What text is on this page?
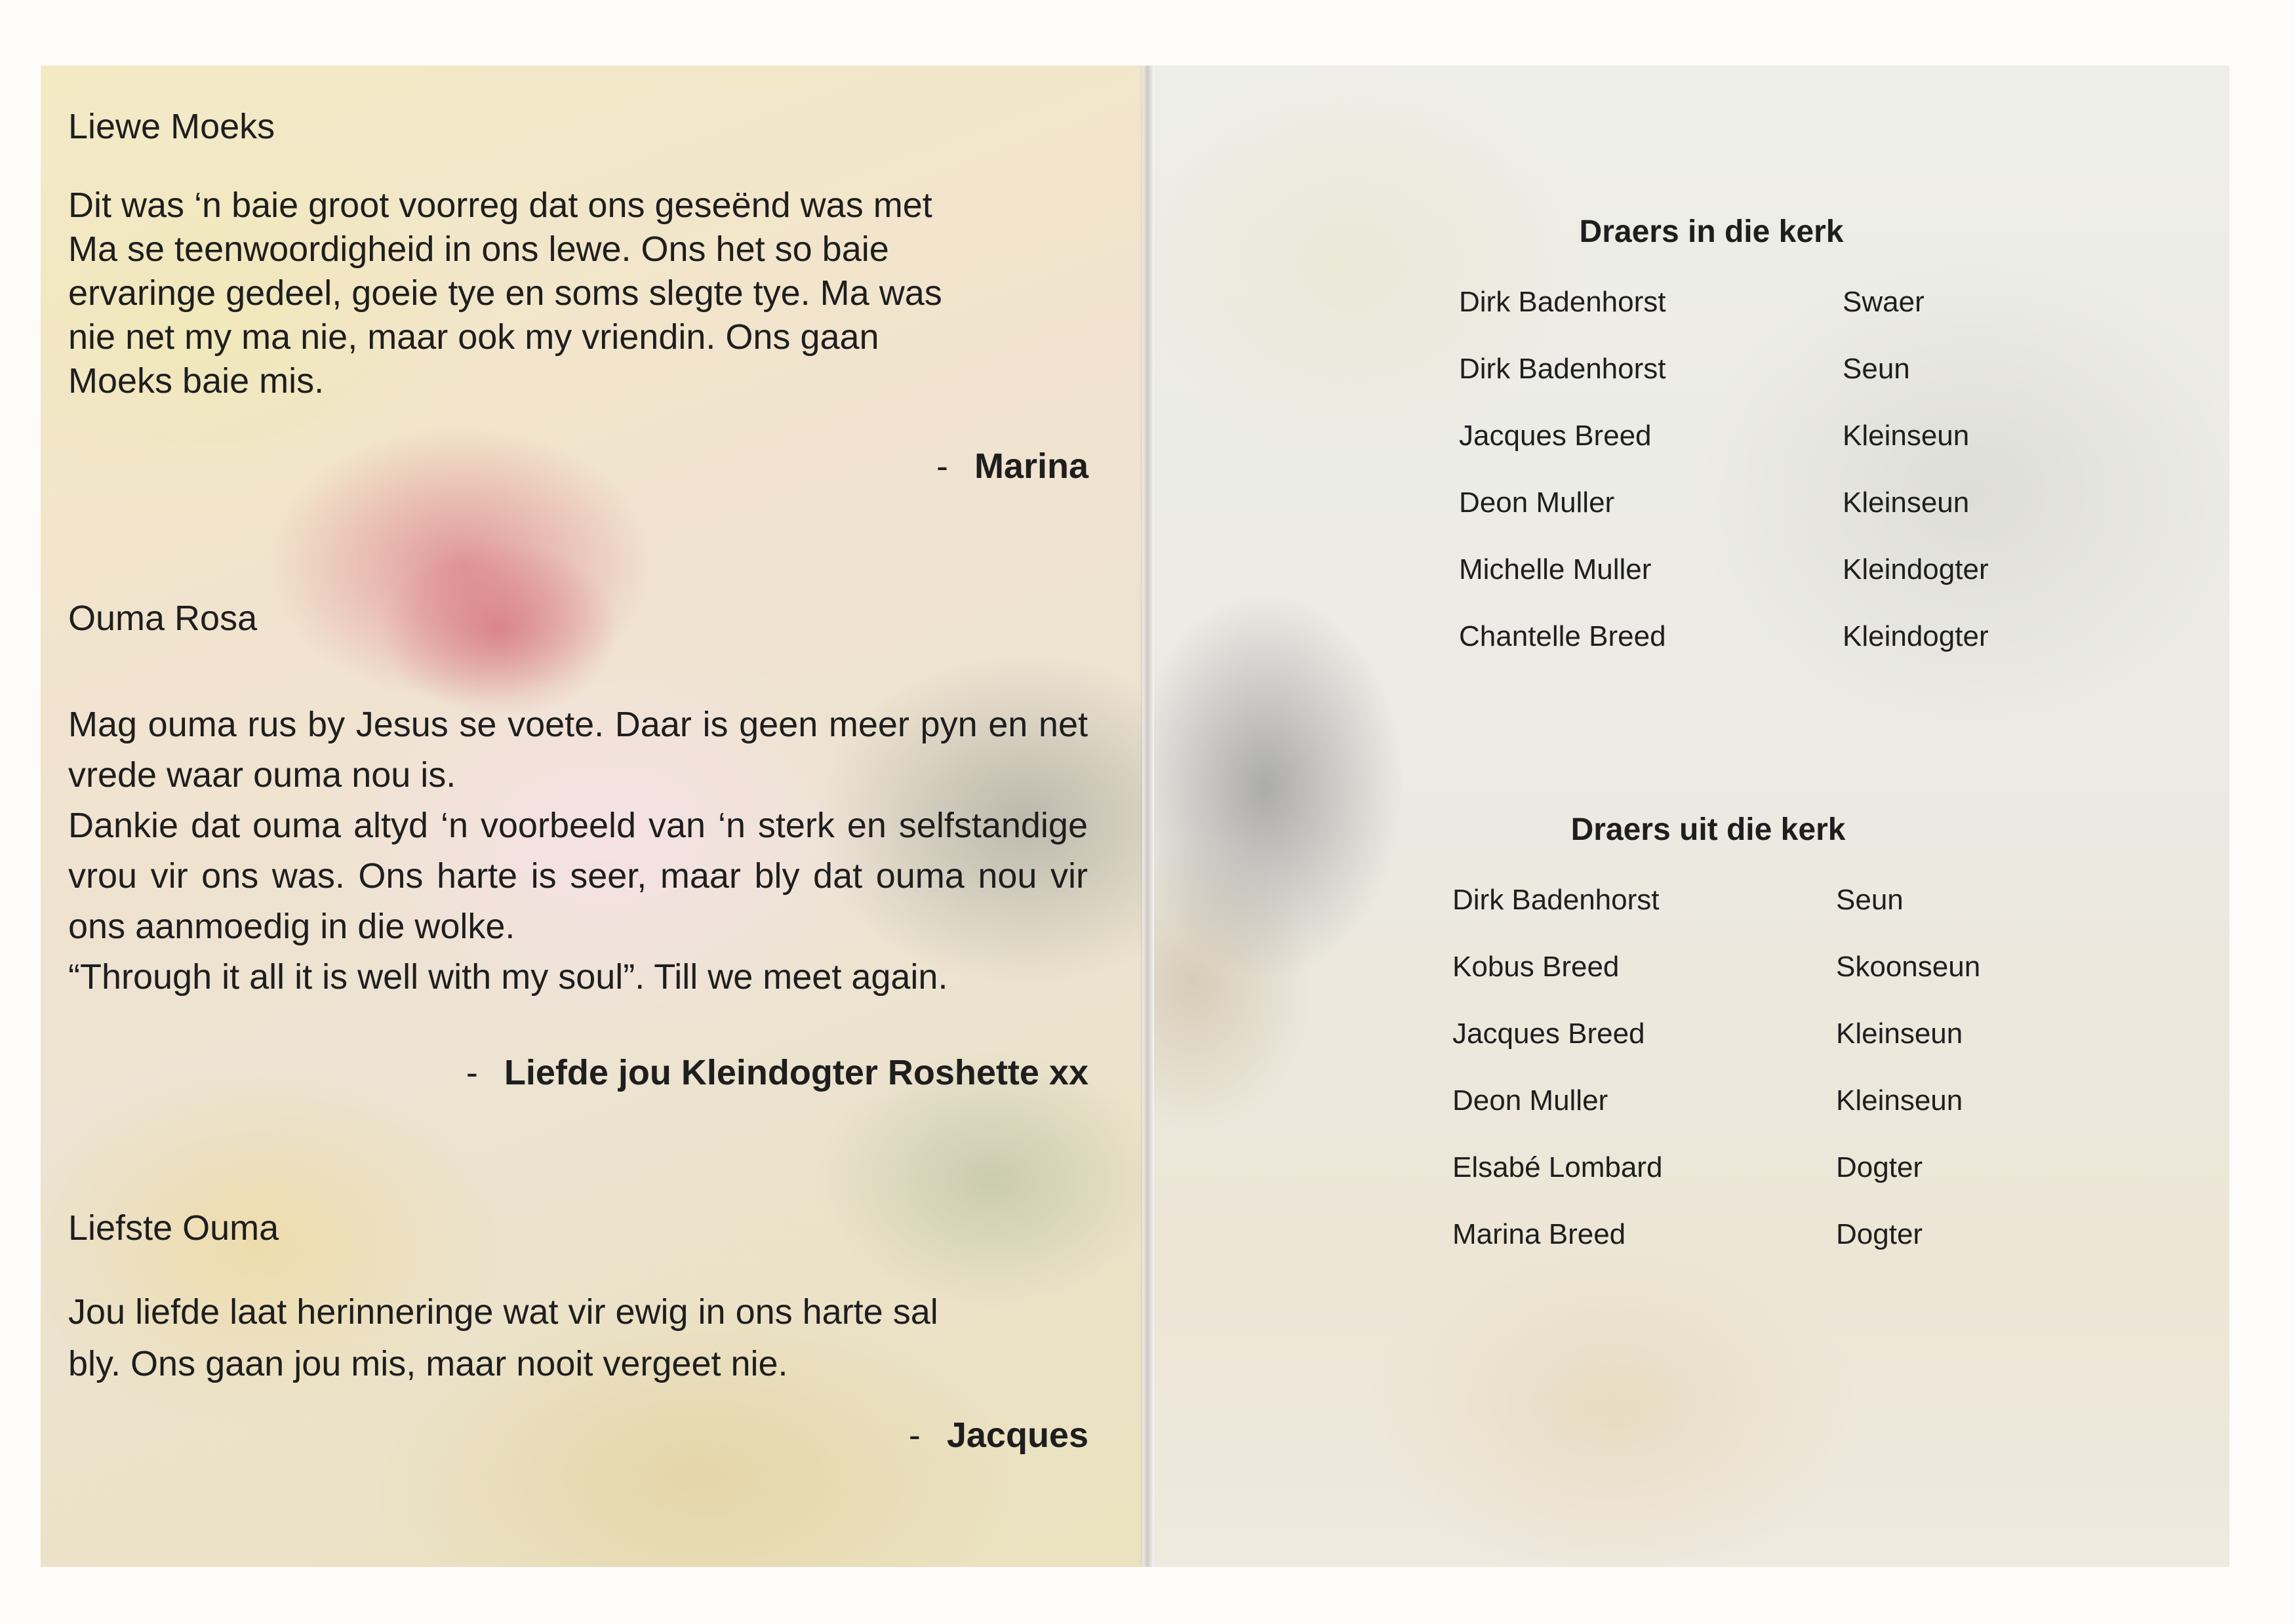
Liewe Moeks

Dit was ‘n baie groot voorreg dat ons geseënd was met

Ma se teenwoordigheid in ons lewe. Ons het so baie

ervaringe gedeel, goeie tye en soms slegte tye. Ma was

nie net my ma nie, maar ook my vriendin. Ons gaan

Moeks baie mis.

- Marina
Ouma Rosa

Mag ouma rus by Jesus se voete. Daar is geen meer pyn en net vrede waar ouma nou is.

Dankie dat ouma altyd ‘n voorbeeld van ‘n sterk en selfstandige vrou vir ons was. Ons harte is seer, maar bly dat ouma nou vir ons aanmoedig in die wolke.

“Through it all it is well with my soul”. Till we meet again.

- Liefde jou Kleindogter Roshette xx
Liefste Ouma

Jou liefde laat herinneringe wat vir ewig in ons harte sal

bly. Ons gaan jou mis, maar nooit vergeet nie.

- Jacques
Draers in die kerk
Dirk Badenhorst	Swaer
Dirk Badenhorst	Seun
Jacques Breed	Kleinseun
Deon Muller	Kleinseun
Michelle Muller	Kleindogter
Chantelle Breed	Kleindogter
Draers uit die kerk
Dirk Badenhorst	Seun
Kobus Breed	Skoonseun
Jacques Breed	Kleinseun
Deon Muller	Kleinseun
Elsabé Lombard	Dogter
Marina Breed	Dogter
